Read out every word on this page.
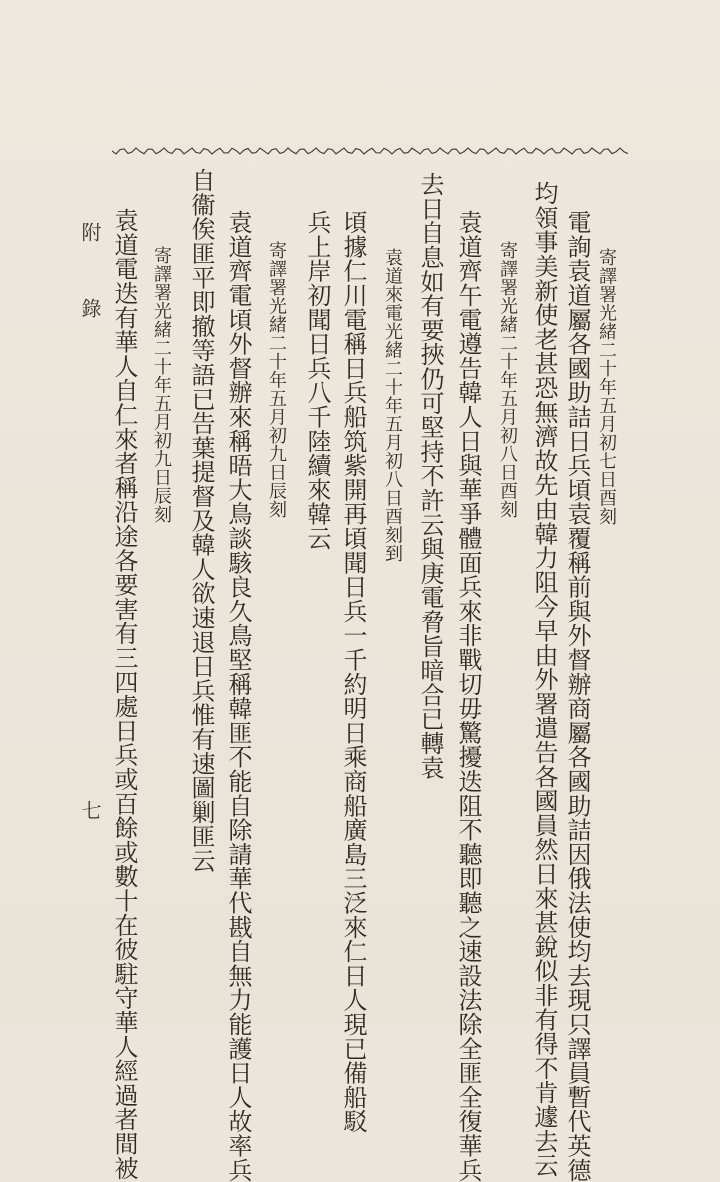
寄譯署光緒二十年五月初七日酉刻
電詢袁道屬各國助詰日兵頃袁覆稱前與外督辦商屬各國助詰因俄法使均去現只譯員暫代英德
均領事美新使老甚恐無濟故先由韓力阻今早由外署遣告各國員然日來甚銳似非有得不肯遽去云
寄譯署光緒二十年五月初八日酉刻
袁道齊午電遵告韓人日與華爭體面兵來非戰切毋驚擾迭阻不聽即聽之速設法除全匪全復華兵
去日自息如有要挾仍可堅持不許云與庚電脅旨暗合已轉袁
袁道來電光緒二十年五月初八日酉刻到
頃據仁川電稱日兵船筑紫開再頃聞日兵一千約明日乘商船廣島三泛來仁日人現已備船駁
兵上岸初聞日兵八千陸續來韓云
寄譯署光緒二十年五月初九日辰刻
袁道齊電頃外督辦來稱晤大鳥談駭良久鳥堅稱韓匪不能自除請華代戡自無力能護日人故率兵
自衞俟匪平即撤等語已告葉提督及韓人欲速退日兵惟有速圖剿匪云
寄譯署光緒二十年五月初九日辰刻
袁道電迭有華人自仁來者稱沿途各要害有三四處日兵或百餘或數十在彼駐守華人經過者間被
附　錄
七
